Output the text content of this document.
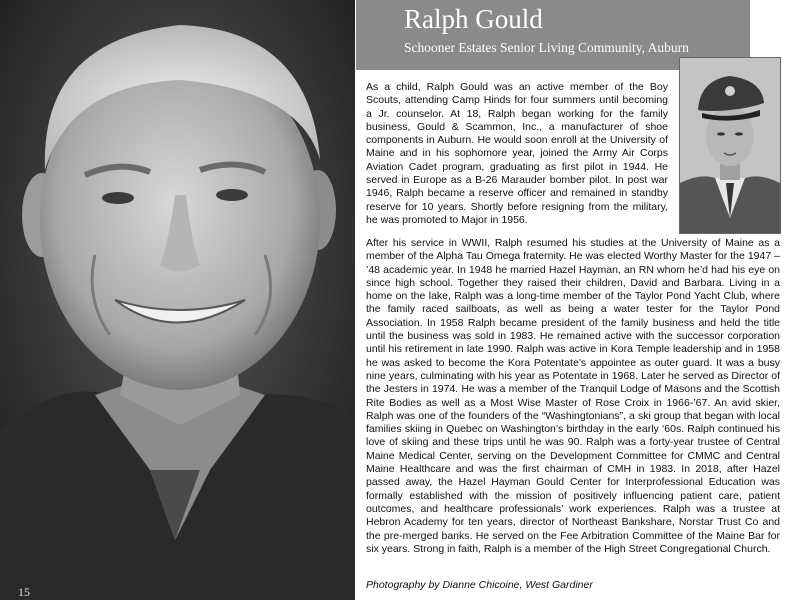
15
Ralph Gould
Schooner Estates Senior Living Community, Auburn
As a child, Ralph Gould was an active member of the Boy Scouts, attending Camp Hinds for four summers until becoming a Jr. counselor. At 18, Ralph began working for the family business, Gould & Scammon, Inc., a manufacturer of shoe components in Auburn. He would soon enroll at the University of Maine and in his sophomore year, joined the Army Air Corps Aviation Cadet program, graduating as first pilot in 1944. He served in Europe as a B-26 Marauder bomber pilot. In post war 1946, Ralph became a reserve officer and remained in standby reserve for 10 years. Shortly before resigning from the military, he was promoted to Major in 1956.
After his service in WWII, Ralph resumed his studies at the University of Maine as a member of the Alpha Tau Omega fraternity. He was elected Worthy Master for the 1947 – ’48 academic year. In 1948 he married Hazel Hayman, an RN whom he’d had his eye on since high school. Together they raised their children, David and Barbara. Living in a home on the lake, Ralph was a long-time member of the Taylor Pond Yacht Club, where the family raced sailboats, as well as being a water tester for the Taylor Pond Association. In 1958 Ralph became president of the family business and held the title until the business was sold in 1983. He remained active with the successor corporation until his retirement in late 1990. Ralph was active in Kora Temple leadership and in 1958 he was asked to become the Kora Potentate’s appointee as outer guard. It was a busy nine years, culminating with his year as Potentate in 1968. Later he served as Director of the Jesters in 1974. He was a member of the Tranquil Lodge of Masons and the Scottish Rite Bodies as well as a Most Wise Master of Rose Croix in 1966-’67. An avid skier, Ralph was one of the founders of the “Washingtonians”, a ski group that began with local families skiing in Quebec on Washington’s birthday in the early ‘60s. Ralph continued his love of skiing and these trips until he was 90. Ralph was a forty-year trustee of Central Maine Medical Center, serving on the Development Committee for CMMC and Central Maine Healthcare and was the first chairman of CMH in 1983. In 2018, after Hazel passed away, the Hazel Hayman Gould Center for Interprofessional Education was formally established with the mission of positively influencing patient care, patient outcomes, and healthcare professionals’ work experiences. Ralph was a trustee at Hebron Academy for ten years, director of Northeast Bankshare, Norstar Trust Co and the pre-merged banks. He served on the Fee Arbitration Committee of the Maine Bar for six years. Strong in faith, Ralph is a member of the High Street Congregational Church.
Photography by Dianne Chicoine, West Gardiner
